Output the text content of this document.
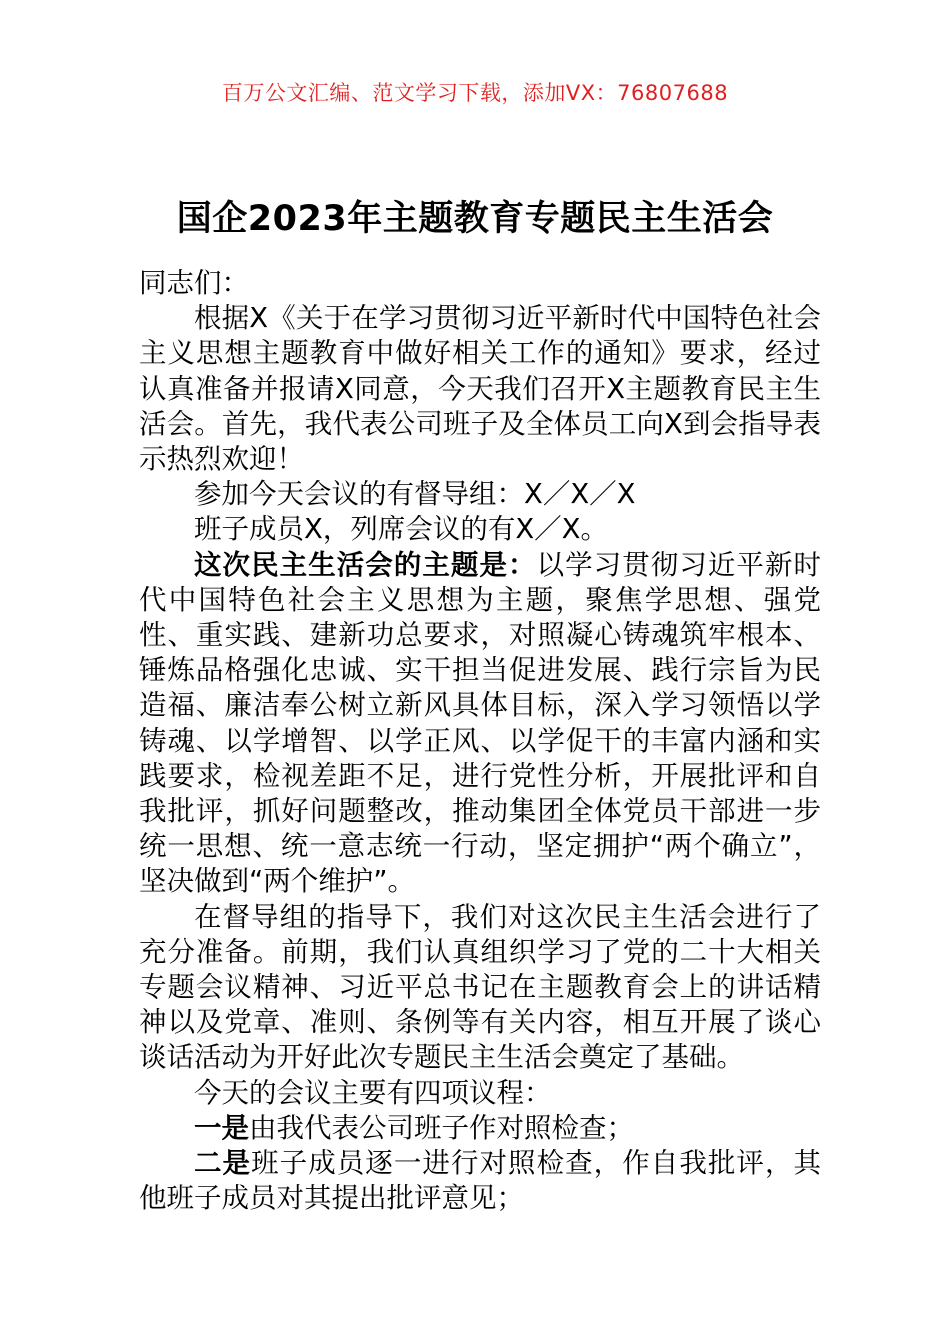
百万公文汇编、范文学习下载，添加VX：76807688
国企2023年主题教育专题民主生活会

同志们：

根据X《关于在学习贯彻习近平新时代中国特色社会主义思想主题教育中做好相关工作的通知》要求，经过认真准备并报请X同意，今天我们召开X主题教育民主生活会。首先，我代表公司班子及全体员工向X到会指导表示热烈欢迎！

参加今天会议的有督导组：X／X／X

班子成员X，列席会议的有X／X。

这次民主生活会的主题是：以学习贯彻习近平新时代中国特色社会主义思想为主题，聚焦学思想、强党性、重实践、建新功总要求，对照凝心铸魂筑牢根本、锤炼品格强化忠诚、实干担当促进发展、践行宗旨为民造福、廉洁奉公树立新风具体目标，深入学习领悟以学铸魂、以学增智、以学正风、以学促干的丰富内涵和实践要求，检视差距不足，进行党性分析，开展批评和自我批评，抓好问题整改，推动集团全体党员干部进一步统一思想、统一意志统一行动，坚定拥护“两个确立”，坚决做到“两个维护”。

在督导组的指导下，我们对这次民主生活会进行了充分准备。前期，我们认真组织学习了党的二十大相关专题会议精神、习近平总书记在主题教育会上的讲话精神以及党章、准则、条例等有关内容，相互开展了谈心谈话活动为开好此次专题民主生活会奠定了基础。

今天的会议主要有四项议程：

一是由我代表公司班子作对照检查；

二是班子成员逐一进行对照检查，作自我批评，其他班子成员对其提出批评意见；
